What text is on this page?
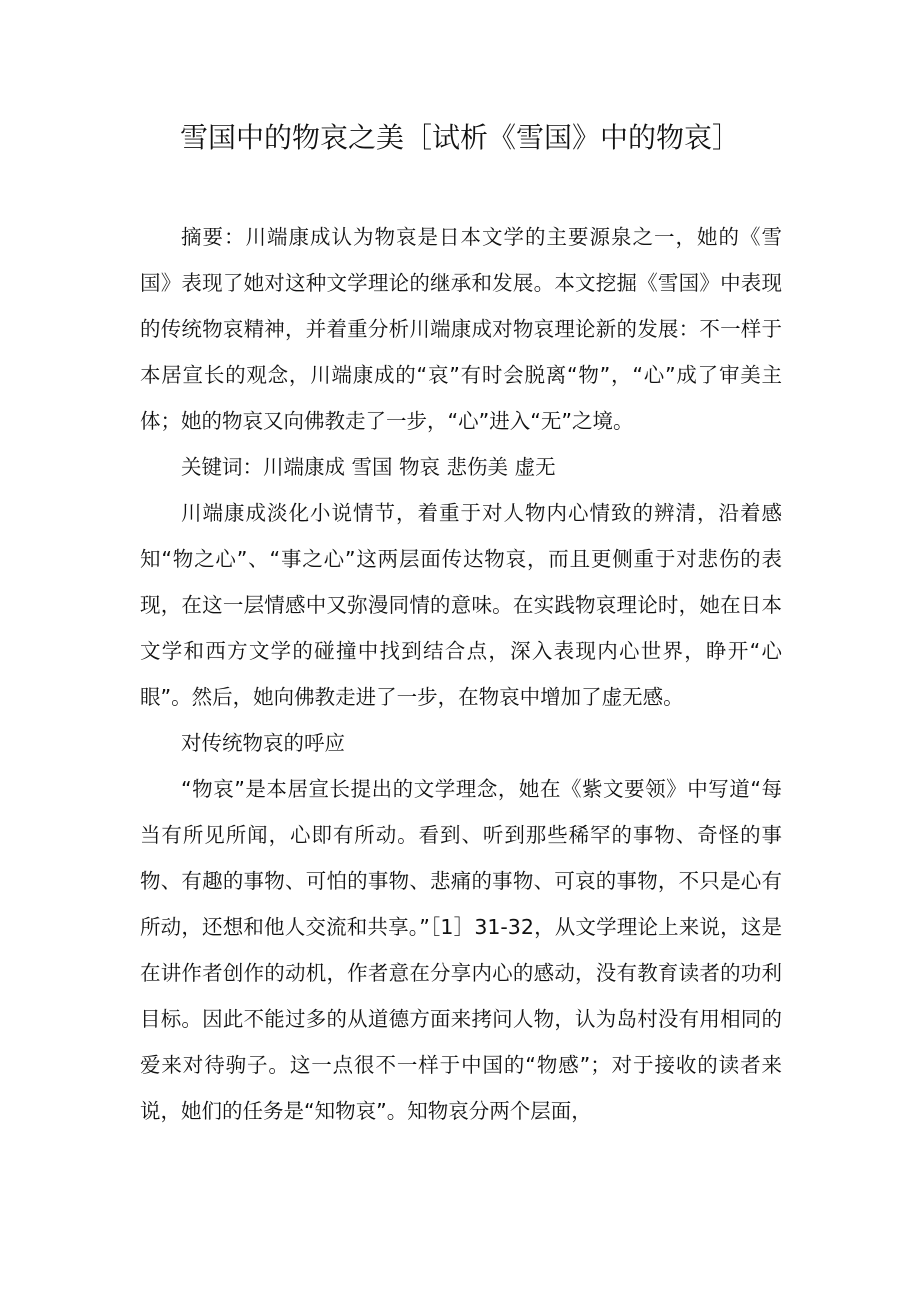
雪国中的物哀之美［试析《雪国》中的物哀］

摘要：川端康成认为物哀是日本文学的主要源泉之一，她的《雪国》表现了她对这种文学理论的继承和发展。本文挖掘《雪国》中表现的传统物哀精神，并着重分析川端康成对物哀理论新的发展：不一样于本居宣长的观念，川端康成的“哀”有时会脱离“物”，“心”成了审美主体；她的物哀又向佛教走了一步，“心”进入“无”之境。

关键词：川端康成 雪国 物哀 悲伤美 虚无

川端康成淡化小说情节，着重于对人物内心情致的辨清，沿着感知“物之心”、“事之心”这两层面传达物哀，而且更侧重于对悲伤的表现，在这一层情感中又弥漫同情的意味。在实践物哀理论时，她在日本文学和西方文学的碰撞中找到结合点，深入表现内心世界，睁开“心眼”。然后，她向佛教走进了一步，在物哀中增加了虚无感。

对传统物哀的呼应

“物哀”是本居宣长提出的文学理念，她在《紫文要领》中写道“每当有所见所闻，心即有所动。看到、听到那些稀罕的事物、奇怪的事物、有趣的事物、可怕的事物、悲痛的事物、可哀的事物，不只是心有所动，还想和他人交流和共享。”［1］31-32，从文学理论上来说，这是在讲作者创作的动机，作者意在分享内心的感动，没有教育读者的功利目标。因此不能过多的从道德方面来拷问人物，认为岛村没有用相同的爱来对待驹子。这一点很不一样于中国的“物感”；对于接收的读者来说，她们的任务是“知物哀”。知物哀分两个层面，
